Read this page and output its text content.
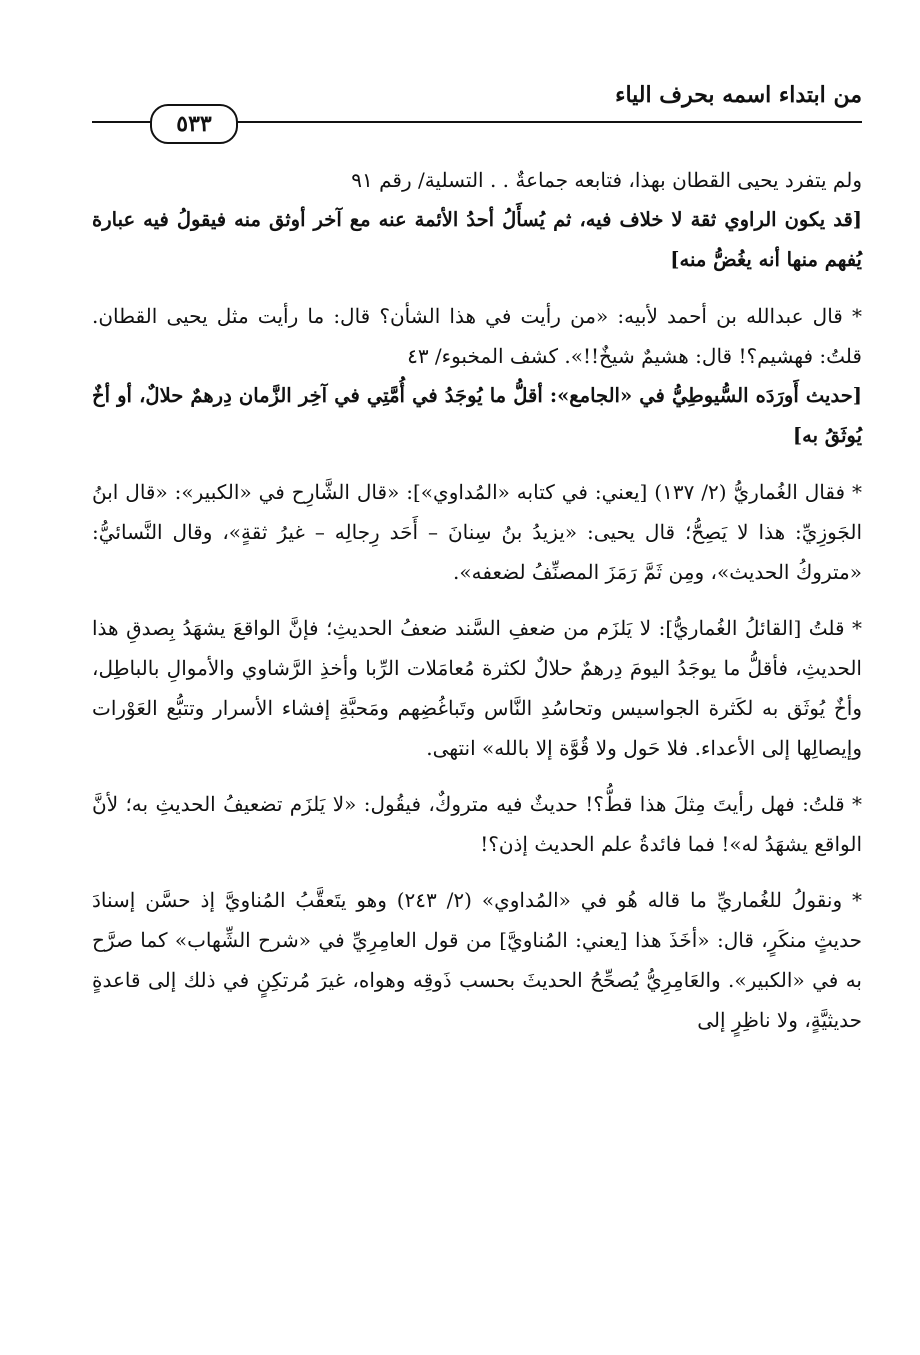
من ابتداء اسمه بحرف الياء
٥٣٣

ولم يتفرد يحيى القطان بهذا، فتابعه جماعةٌ . . التسلية/ رقم ٩١

[قد يكون الراوي ثقة لا خلاف فيه، ثم يُسأَلُ أحدُ الأئمة عنه مع آخر أوثق منه فيقولُ فيه عبارة يُفهم منها أنه يغُضُّ منه]

* قال عبدالله بن أحمد لأبيه: «من رأيت في هذا الشأن؟ قال: ما رأيت مثل يحيى القطان. قلتُ: فهشيم؟! قال: هشيمٌ شيخٌ!!». كشف المخبوء/ ٤٣

[حديث أَورَدَه السُّيوطِيُّ في «الجامع»: أقلُّ ما يُوجَدُ في أُمَّتِي في آخِر الزَّمان دِرهمٌ حلالٌ، أو أخٌ يُوثَقُ به]

* فقال الغُماريُّ (٢/ ١٣٧) [يعني: في كتابه «المُداوي»]: «قال الشَّارِح في «الكبير»: «قال ابنُ الجَوزِيِّ: هذا لا يَصِحُّ؛ قال يحيى: «يزيدُ بنُ سِنانَ – أَحَد رِجالِه – غيرُ ثقةٍ»، وقال النَّسائيُّ: «متروكُ الحديث»، ومِن ثَمَّ رَمَزَ المصنِّفُ لضعفه».

* قلتُ [القائلُ الغُماريُّ]: لا يَلزَم من ضعفِ السَّند ضعفُ الحديثِ؛ فإنَّ الواقعَ يشهَدُ بِصدقِ هذا الحديثِ، فأقلُّ ما يوجَدُ اليومَ دِرهمٌ حلالٌ لكثرة مُعامَلات الرِّبا وأخذِ الرَّشاوي والأموالِ بالباطِل، وأخٌ يُوثَق به لكَثرة الجواسيس وتحاسُدِ النَّاس وتَباغُضِهم ومَحبَّةِ إفشاء الأسرار وتتبُّع العَوْرات وإيصالِها إلى الأعداء. فلا حَول ولا قُوَّة إلا بالله» انتهى.

* قلتُ: فهل رأيتَ مِثلَ هذا قطُّ؟! حديثٌ فيه متروكٌ، فيقُول: «لا يَلزَم تضعيفُ الحديثِ به؛ لأنَّ الواقع يشهَدُ له»! فما فائدةُ علم الحديث إذن؟!

* ونقولُ للغُماريِّ ما قاله هُو في «المُداوي» (٢/ ٢٤٣) وهو يتَعقَّبُ المُناويَّ إذ حسَّن إسنادَ حديثٍ منكَرٍ، قال: «أخَذَ هذا [يعني: المُناويَّ] من قول العامِرِيِّ في «شرح الشِّهاب» كما صرَّح به في «الكبير». والعَامِرِيُّ يُصحِّحُ الحديثَ بحسب ذَوقِه وهواه، غيرَ مُرتكِنٍ في ذلك إلى قاعدةٍ حديثيَّةٍ، ولا ناظِرٍ إلى
